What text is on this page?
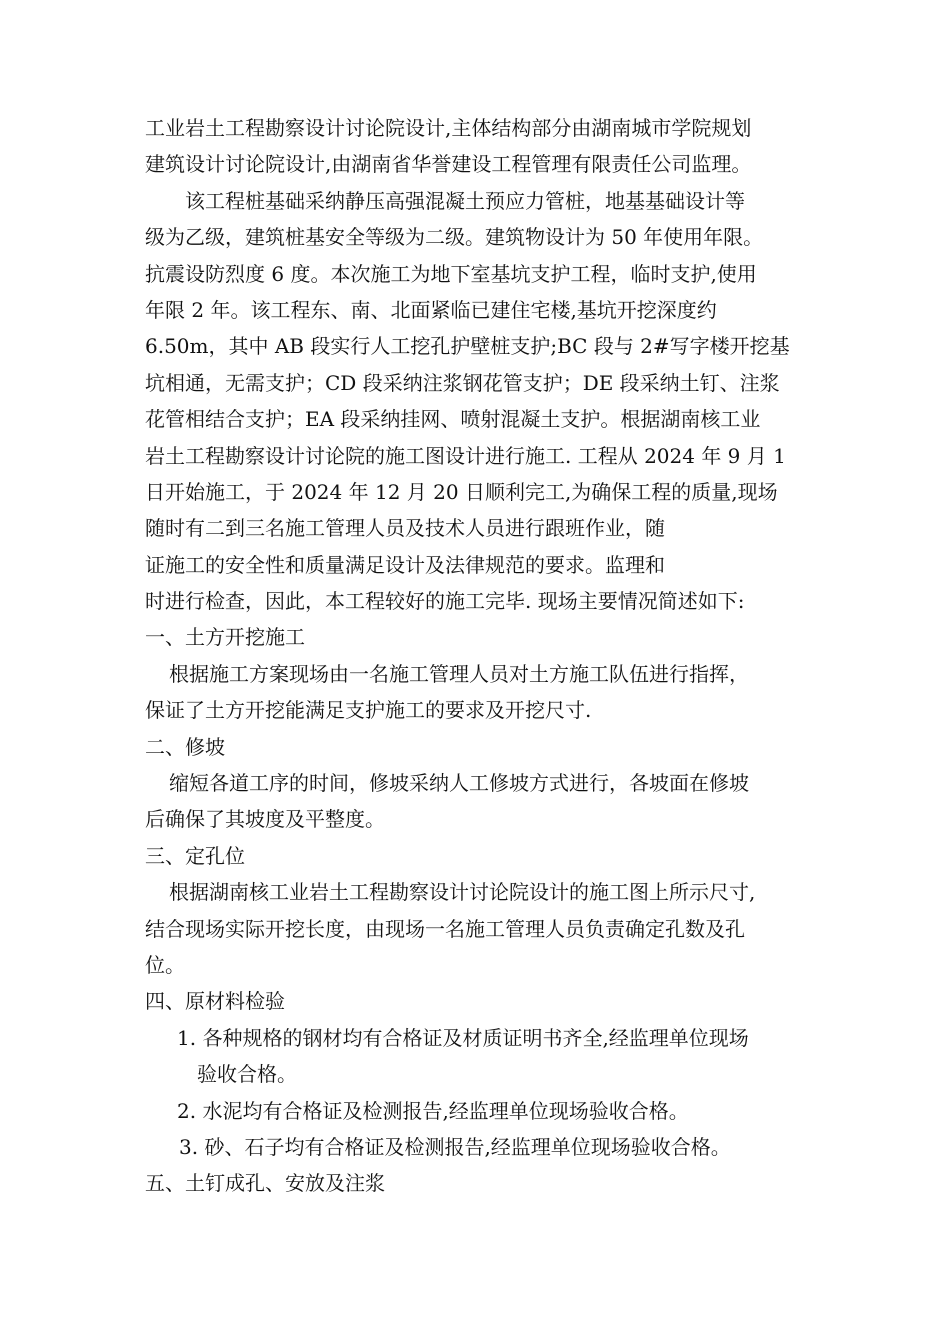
工业岩土工程勘察设计讨论院设计,主体结构部分由湖南城市学院规划
建筑设计讨论院设计,由湖南省华誉建设工程管理有限责任公司监理。
该工程桩基础采纳静压高强混凝土预应力管桩，地基基础设计等
级为乙级，建筑桩基安全等级为二级。建筑物设计为 50 年使用年限。
抗震设防烈度 6 度。本次施工为地下室基坑支护工程，临时支护,使用
年限 2 年。该工程东、南、北面紧临已建住宅楼,基坑开挖深度约
6.50m，其中 AB 段实行人工挖孔护壁桩支护;BC 段与 2#写字楼开挖基
坑相通，无需支护；CD 段采纳注浆钢花管支护；DE 段采纳土钉、注浆
花管相结合支护；EA 段采纳挂网、喷射混凝土支护。根据湖南核工业
岩土工程勘察设计讨论院的施工图设计进行施工. 工程从 2024 年 9 月 1
日开始施工，于 2024 年 12 月 20 日顺利完工,为确保工程的质量,现场
随时有二到三名施工管理人员及技术人员进行跟班作业，随
证施工的安全性和质量满足设计及法律规范的要求。监理和
时进行检查，因此，本工程较好的施工完毕. 现场主要情况简述如下:
一、土方开挖施工
根据施工方案现场由一名施工管理人员对土方施工队伍进行指挥，
保证了土方开挖能满足支护施工的要求及开挖尺寸.
二、修坡
缩短各道工序的时间，修坡采纳人工修坡方式进行，各坡面在修坡
后确保了其坡度及平整度。
三、定孔位
根据湖南核工业岩土工程勘察设计讨论院设计的施工图上所示尺寸,
结合现场实际开挖长度，由现场一名施工管理人员负责确定孔数及孔
位。
四、原材料检验
1. 各种规格的钢材均有合格证及材质证明书齐全,经监理单位现场
验收合格。
2. 水泥均有合格证及检测报告,经监理单位现场验收合格。
3. 砂、石子均有合格证及检测报告,经监理单位现场验收合格。
五、土钉成孔、安放及注浆
